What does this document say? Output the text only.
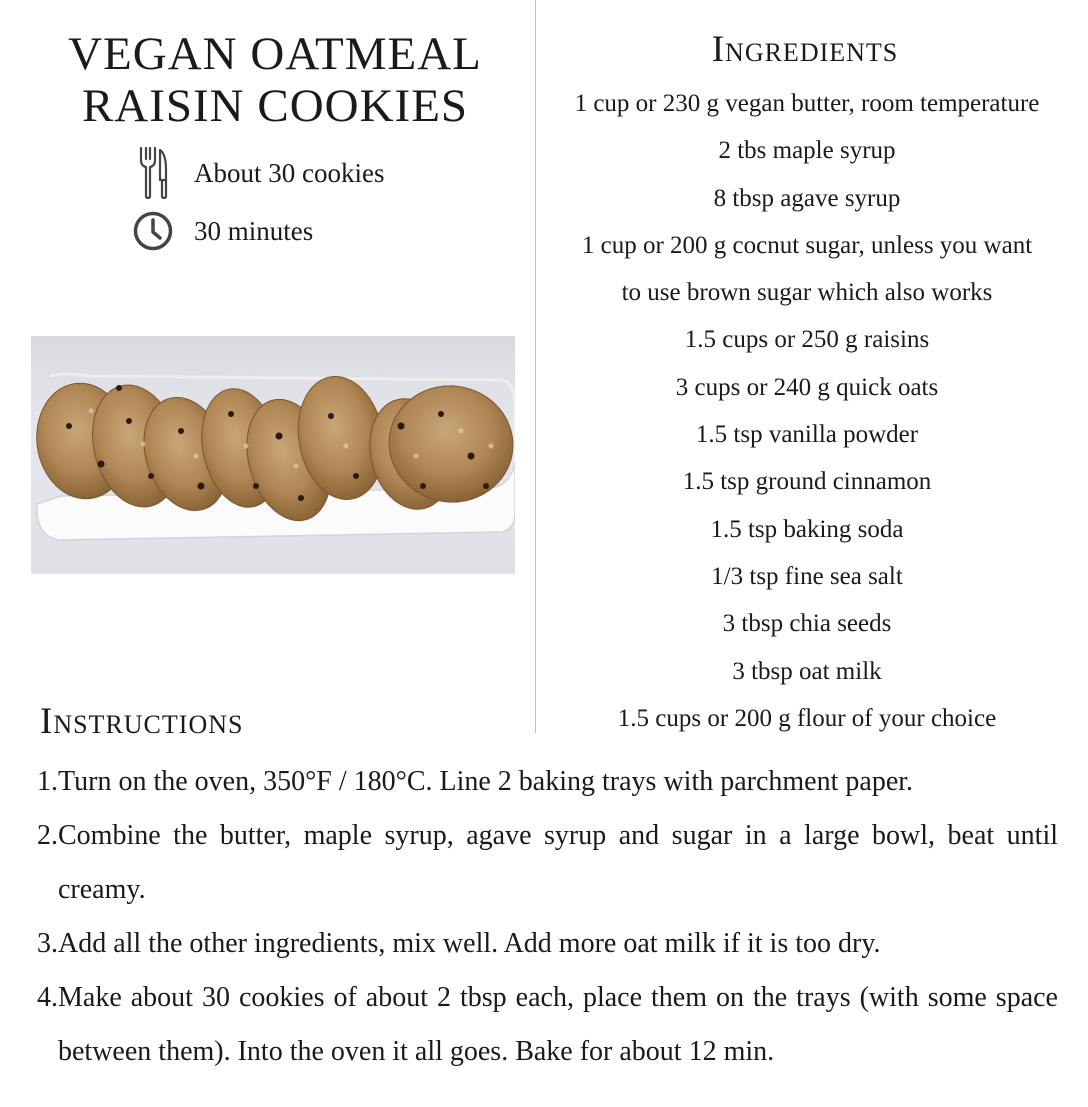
VEGAN OATMEAL
RAISIN COOKIES
About 30 cookies
30 minutes
Ingredients
1 cup or 230 g vegan butter, room temperature
2 tbs maple syrup
8 tbsp agave syrup
1 cup or 200 g cocnut sugar, unless you want
to use brown sugar which also works
1.5 cups or 250 g raisins
3 cups or 240 g quick oats
1.5 tsp vanilla powder
1.5 tsp ground cinnamon
1.5 tsp baking soda
1/3 tsp fine sea salt
3 tbsp chia seeds
3 tbsp oat milk
1.5 cups or 200 g flour of your choice
Instructions
1. Turn on the oven, 350°F / 180°C. Line 2 baking trays with parchment paper.
2. Combine the butter, maple syrup, agave syrup and sugar in a large bowl, beat until creamy.
3. Add all the other ingredients, mix well. Add more oat milk if it is too dry.
4. Make about 30 cookies of about 2 tbsp each, place them on the trays (with some space between them). Into the oven it all goes. Bake for about 12 min.
